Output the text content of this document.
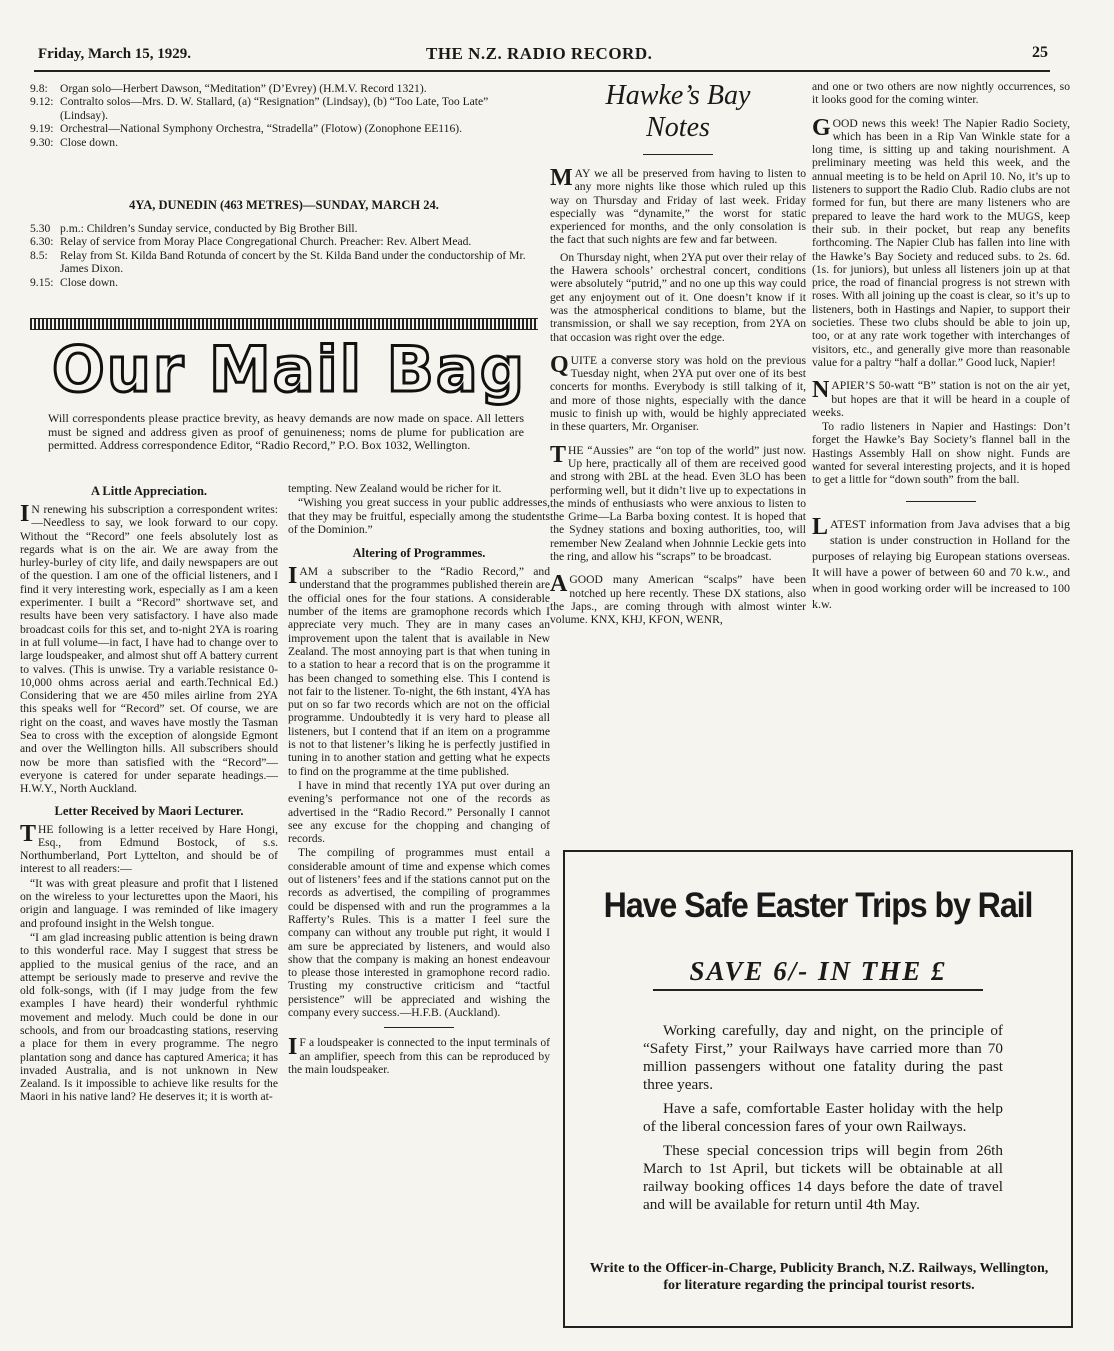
Friday, March 15, 1929.	THE N.Z. RADIO RECORD.	25
9.8:	Organ solo—Herbert Dawson, “Meditation” (D’Evrey) (H.M.V. Record 1321).
9.12: Contralto solos—Mrs. D. W. Stallard, (a) “Resignation” (Lindsay), (b) “Too Late, Too Late” (Lindsay).
9.19: Orchestral—National Symphony Orchestra, “Stradella” (Flotow) (Zonophone EE116).
9.30: Close down.
4YA, DUNEDIN (463 METRES)—SUNDAY, MARCH 24.
5.30 p.m.: Children’s Sunday service, conducted by Big Brother Bill.
6.30: Relay of service from Moray Place Congregational Church. Preacher: Rev. Albert Mead.
8.5:	Relay from St. Kilda Band Rotunda of concert by the St. Kilda Band under the conductorship of Mr. James Dixon.
9.15: Close down.
Our Mail Bag
Will correspondents please practice brevity, as heavy demands are now made on space. All letters must be signed and address given as proof of genuineness; noms de plume for publication are permitted. Address correspondence Editor, “Radio Record,” P.O. Box 1032, Wellington.
A Little Appreciation.

IN renewing his subscription a correspondent writes:—Needless to say, we look forward to our copy. Without the “Record” one feels absolutely lost as regards what is on the air. We are away from the hurley-burley of city life, and daily newspapers are out of the question. I am one of the official listeners, and I find it very interesting work, especially as I am a keen experimenter. I built a “Record” shortwave set, and results have been very satisfactory. I have also made broadcast coils for this set, and to-night 2YA is roaring in at full volume—in fact, I have had to change over to large loudspeaker, and almost shut off A battery current to valves. (This is unwise. Try a variable resistance 0-10,000 ohms across aerial and earth.Technical Ed.) Considering that we are 450 miles airline from 2YA this speaks well for “Record” set. Of course, we are right on the coast, and waves have mostly the Tasman Sea to cross with the exception of alongside Egmont and over the Wellington hills. All subscribers should now be more than satisfied with the “Record”—everyone is catered for under separate headings.—H.W.Y., North Auckland.

Letter Received by Maori Lecturer.

THE following is a letter received by Hare Hongi, Esq., from Edmund Bostock, of s.s. Northumberland, Port Lyttelton, and should be of interest to all readers:—

“It was with great pleasure and profit that I listened on the wireless to your lecturettes upon the Maori, his origin and language. I was reminded of like imagery and profound insight in the Welsh tongue.

“I am glad increasing public attention is being drawn to this wonderful race. May I suggest that stress be applied to the musical genius of the race, and an attempt be seriously made to preserve and revive the old folk-songs, with (if I may judge from the few examples I have heard) their wonderful ryhthmic movement and melody. Much could be done in our schools, and from our broadcasting stations, reserving a place for them in every programme. The negro plantation song and dance has captured America; it has invaded Australia, and is not unknown in New Zealand. Is it impossible to achieve like results for the Maori in his native land? He deserves it; it is worth at-

tempting. New Zealand would be richer for it.

“Wishing you great success in your public addresses, that they may be fruitful, especially among the students of the Dominion.”

Altering of Programmes.

IAM a subscriber to the “Radio Record,” and understand that the programmes published therein are the official ones for the four stations. A considerable number of the items are gramophone records which I appreciate very much. They are in many cases an improvement upon the talent that is available in New Zealand. The most annoying part is that when tuning in to a station to hear a record that is on the programme it has been changed to something else. This I contend is not fair to the listener. To-night, the 6th instant, 4YA has put on so far two records which are not on the official programme. Undoubtedly it is very hard to please all listeners, but I contend that if an item on a programme is not to that listener’s liking he is perfectly justified in tuning in to another station and getting what he expects to find on the programme at the time published.

I have in mind that recently 1YA put over during an evening’s performance not one of the records as advertised in the “Radio Record.” Personally I cannot see any excuse for the chopping and changing of records.

The compiling of programmes must entail a considerable amount of time and expense which comes out of listeners’ fees and if the stations cannot put on the records as advertised, the compiling of programmes could be dispensed with and run the programmes a la Rafferty’s Rules. This is a matter I feel sure the company can without any trouble put right, it would I am sure be appreciated by listeners, and would also show that the company is making an honest endeavour to please those interested in gramophone record radio. Trusting my constructive criticism and “tactful persistence” will be appreciated and wishing the company every success.—H.F.B. (Auckland).

IF a loudspeaker is connected to the input terminals of an amplifier, speech from this can be reproduced by the main loudspeaker.

Hawke’s Bay
Notes

MAY we all be preserved from having to listen to any more nights like those which ruled up this way on Thursday and Friday of last week. Friday especially was “dynamite,” the worst for static experienced for months, and the only consolation is the fact that such nights are few and far between.

On Thursday night, when 2YA put over their relay of the Hawera schools’ orchestral concert, conditions were absolutely “putrid,” and no one up this way could get any enjoyment out of it. One doesn’t know if it was the atmospherical conditions to blame, but the transmission, or shall we say reception, from 2YA on that occasion was right over the edge.

QUITE a converse story was hold on the previous Tuesday night, when 2YA put over one of its best concerts for months. Everybody is still talking of it, and more of those nights, especially with the dance music to finish up with, would be highly appreciated in these quarters, Mr. Organiser.

THE “Aussies” are “on top of the world” just now. Up here, practically all of them are received good and strong with 2BL at the head. Even 3LO has been performing well, but it didn’t live up to expectations in the minds of enthusiasts who were anxious to listen to the Grime—La Barba boxing contest. It is hoped that the Sydney stations and boxing authorities, too, will remember New Zealand when Johnnie Leckie gets into the ring, and allow his “scraps” to be broadcast.

AGOOD many American “scalps” have been notched up here recently. These DX stations, also the Japs., are coming through with almost winter volume. KNX, KHJ, KFON, WENR,

and one or two others are now nightly occurrences, so it looks good for the coming winter.

GOOD news this week! The Napier Radio Society, which has been in a Rip Van Winkle state for a long time, is sitting up and taking nourishment. A preliminary meeting was held this week, and the annual meeting is to be held on April 10. No, it’s up to listeners to support the Radio Club. Radio clubs are not formed for fun, but there are many listeners who are prepared to leave the hard work to the MUGS, keep their sub. in their pocket, but reap any benefits forthcoming. The Napier Club has fallen into line with the Hawke’s Bay Society and reduced subs. to 2s. 6d. (1s. for juniors), but unless all listeners join up at that price, the road of financial progress is not strewn with roses. With all joining up the coast is clear, so it’s up to listeners, both in Hastings and Napier, to support their societies. These two clubs should be able to join up, too, or at any rate work together with interchanges of visitors, etc., and generally give more than reasonable value for a paltry “half a dollar.” Good luck, Napier!

NAPIER’S 50-watt “B” station is not on the air yet, but hopes are that it will be heard in a couple of weeks.

To radio listeners in Napier and Hastings: Don’t forget the Hawke’s Bay Society’s flannel ball in the Hastings Assembly Hall on show night. Funds are wanted for several interesting projects, and it is hoped to get a little for “down south” from the ball.

LATEST information from Java advises that a big station is under construction in Holland for the purposes of relaying big European stations overseas. It will have a power of between 60 and 70 k.w., and when in good working order will be increased to 100 k.w.

Have Safe Easter Trips by Rail
SAVE 6/- IN THE £

Working carefully, day and night, on the principle of “Safety First,” your Railways have carried more than 70 million passengers without one fatality during the past three years.

Have a safe, comfortable Easter holiday with the help of the liberal concession fares of your own Railways.

These special concession trips will begin from 26th March to 1st April, but tickets will be obtainable at all railway booking offices 14 days before the date of travel and will be available for return until 4th May.

Write to the Officer-in-Charge, Publicity Branch, N.Z. Railways, Wellington, for literature regarding the principal tourist resorts.
